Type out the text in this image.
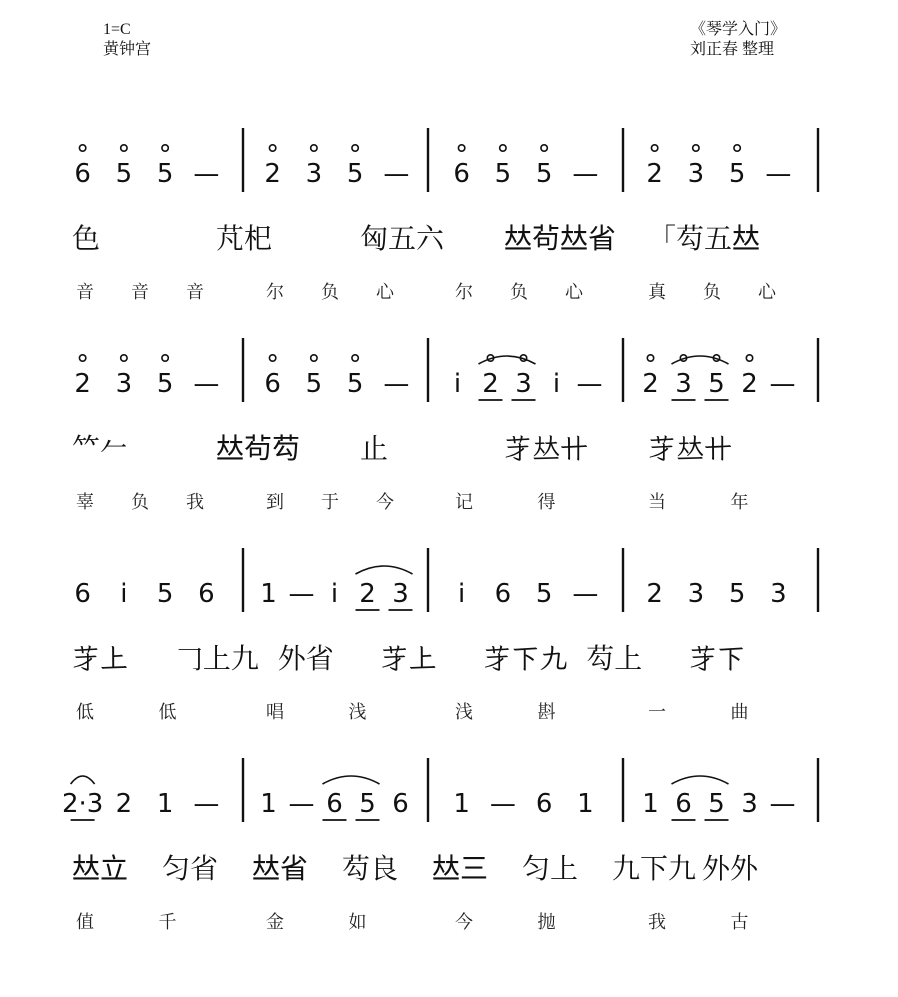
1=C
黄钟宫
《琴学入门》
刘正春 整理
6 5 5 — 2 3 5 — 6 5 5 — 2 3 5 —
色	芃𣏌	匈五六 𠀤茍𠀤省 「芶五𠀤
音 音 音	尔 负 心	尔 负 心	真 负 心
2 3 5 — 6 5 5 — i 2 3 i — 2 3 5 2 —
𥫗𠂉	𠀤茍芶 止	𦬁𠀤卄 𦬁𠀤卄
辜 负 我	到 于 今	记	得	当	年
6 i 5 6 1 — i 2 3 i 6 5 — 2 3 5 3
𦬁上 𠃌上九 外省 𦬁上 𦬁下九 芶上 𦬁下
低	低	唱	浅	浅	斟	一	曲
2·3 2 1 — 1 — 6 5 6 1 — 6 1 1 6 5 3 —
𠀤立 匀省 𠀤省 芶良 𠀤三 匀上 九下九 外外
值	千	金	如	今	抛	我	古
